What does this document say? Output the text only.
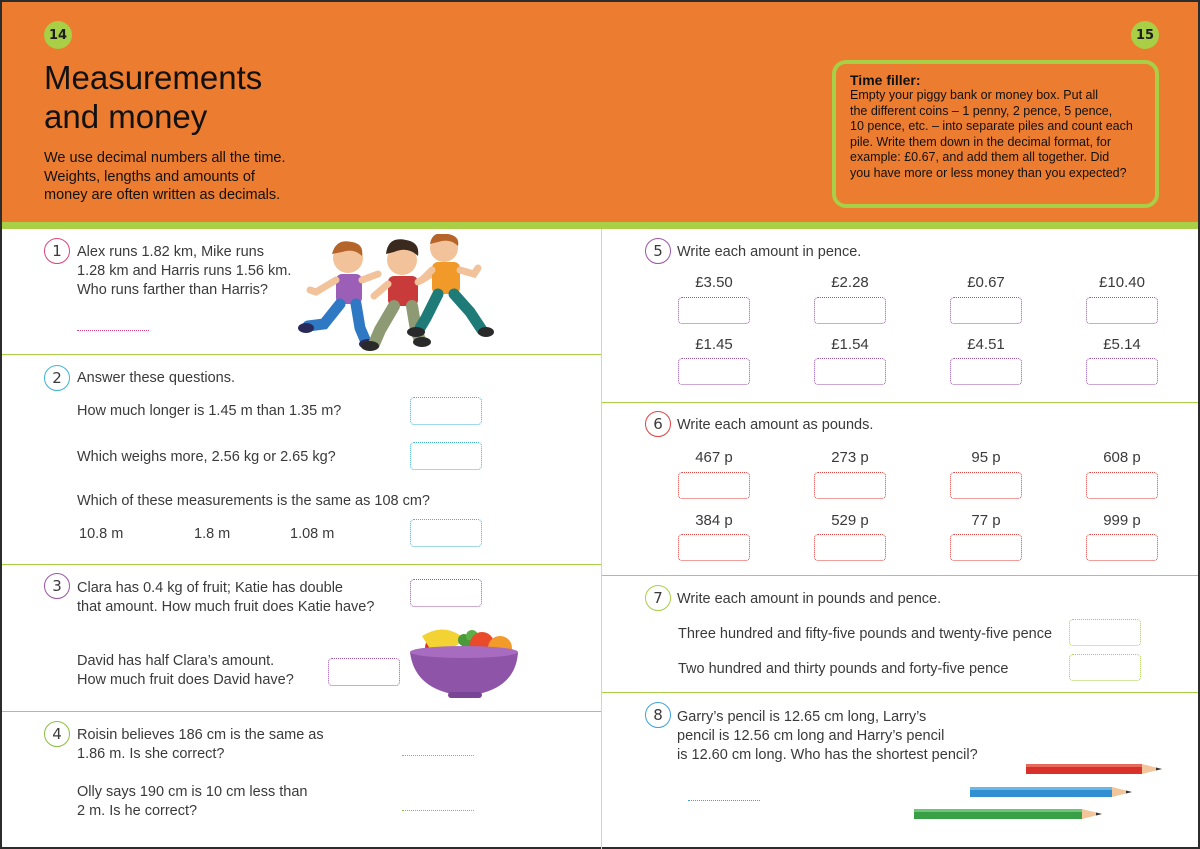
14	15
Measurements
and money
We use decimal numbers all the time.
Weights, lengths and amounts of
money are often written as decimals.
Time filler:
Empty your piggy bank or money box. Put all
the different coins – 1 penny, 2 pence, 5 pence,
10 pence, etc. – into separate piles and count each
pile. Write them down in the decimal format, for
example: £0.67, and add them all together. Did
you have more or less money than you expected?
1	Alex runs 1.82 km, Mike runs
1.28 km and Harris runs 1.56 km.
Who runs farther than Harris?
2	Answer these questions.
How much longer is 1.45 m than 1.35 m?
Which weighs more, 2.56 kg or 2.65 kg?
Which of these measurements is the same as 108 cm?
10.8 m	1.8 m	1.08 m
3	Clara has 0.4 kg of fruit; Katie has double
that amount. How much fruit does Katie have?
David has half Clara’s amount.
How much fruit does David have?
4	Roisin believes 186 cm is the same as
1.86 m. Is she correct?
Olly says 190 cm is 10 cm less than
2 m. Is he correct?
5 Write each amount in pence.
£3.50	£2.28	£0.67	£10.40
£1.45	£1.54	£4.51	£5.14
6 Write each amount as pounds.
467 p	273 p	95 p	608 p
384 p	529 p	77 p	999 p
7 Write each amount in pounds and pence.
Three hundred and fifty-five pounds and twenty-five pence
Two hundred and thirty pounds and forty-five pence
8 Garry’s pencil is 12.65 cm long, Larry’s
pencil is 12.56 cm long and Harry’s pencil
is 12.60 cm long. Who has the shortest pencil?
